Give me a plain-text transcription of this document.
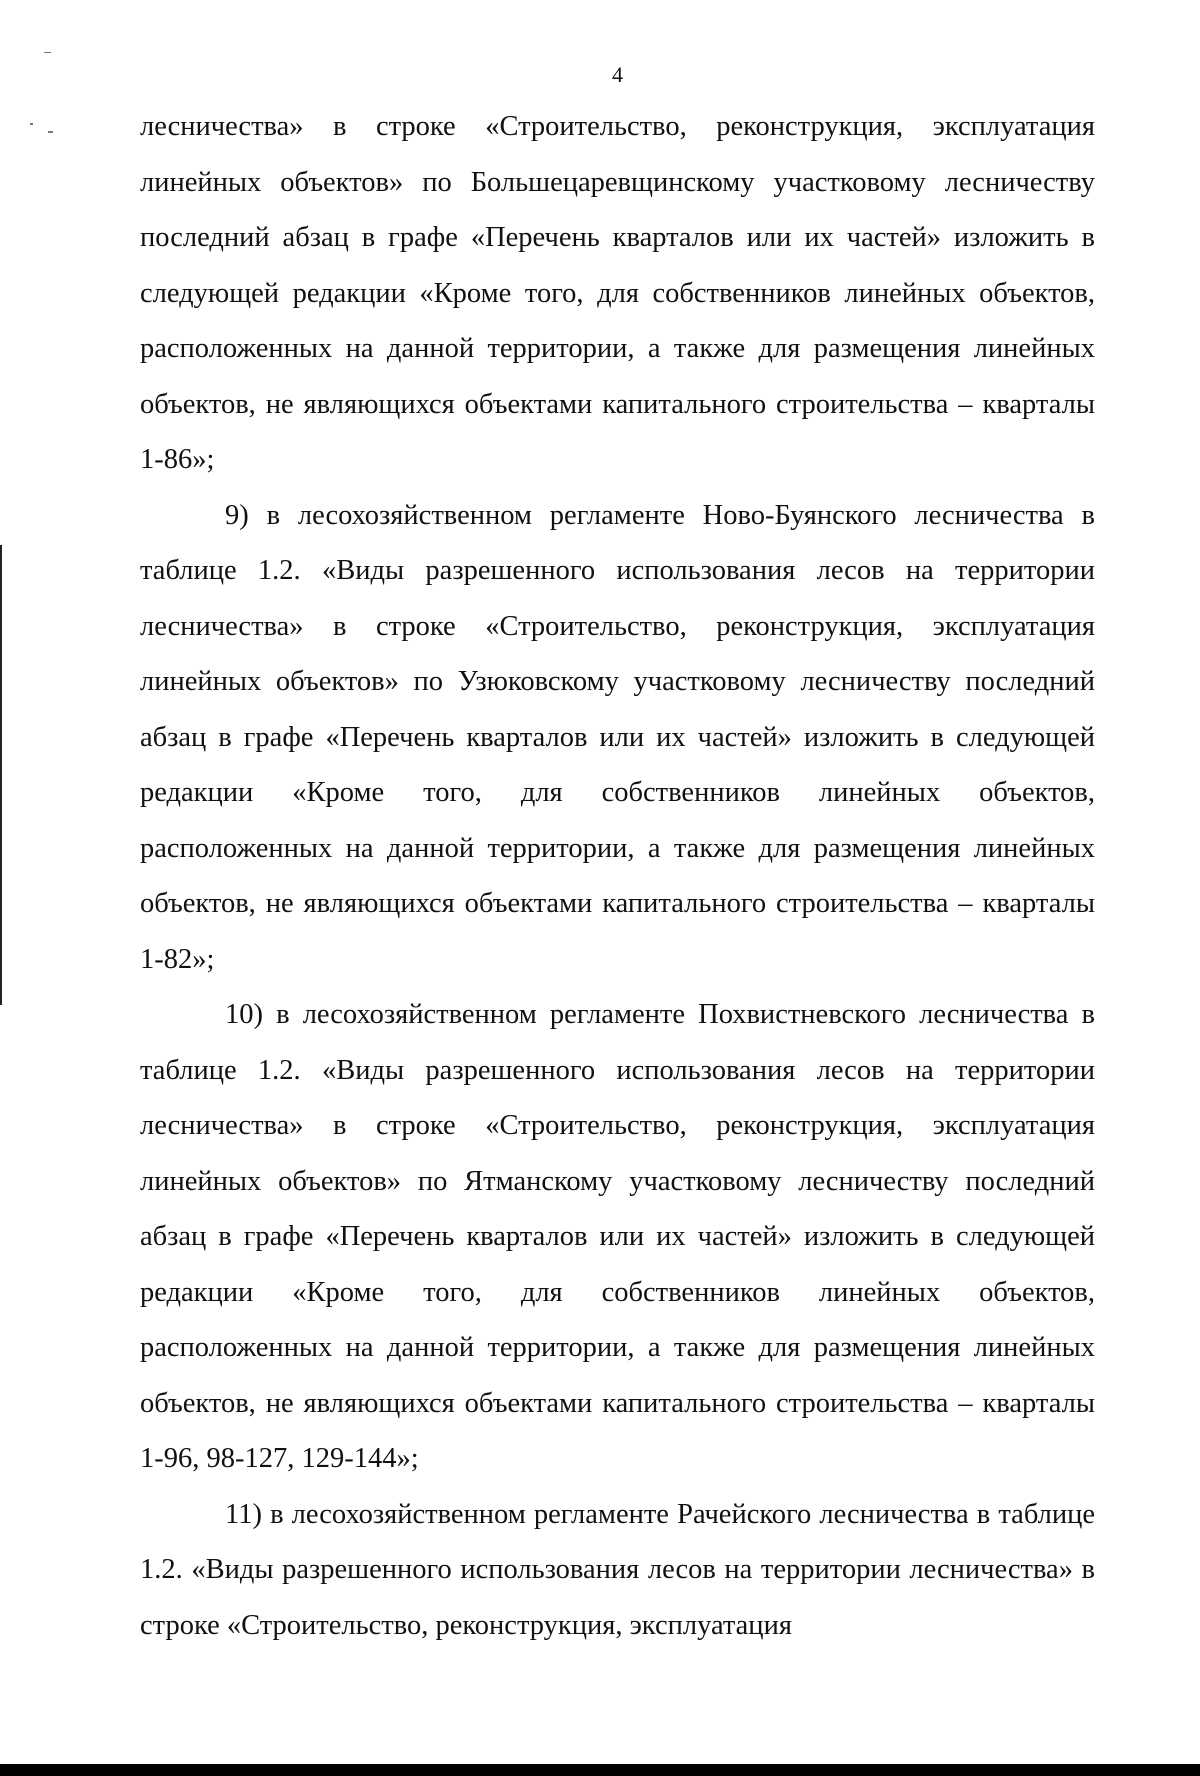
4

лесничества» в строке «Строительство, реконструкция, эксплуатация линейных объектов» по Большецаревщинскому участковому лесничеству последний абзац в графе «Перечень кварталов или их частей» изложить в следующей редакции «Кроме того, для собственников линейных объектов, расположенных на данной территории, а также для размещения линейных объектов, не являющихся объектами капитального строительства – кварталы 1-86»;

9) в лесохозяйственном регламенте Ново-Буянского лесничества в таблице 1.2. «Виды разрешенного использования лесов на территории лесничества» в строке «Строительство, реконструкция, эксплуатация линейных объектов» по Узюковскому участковому лесничеству последний абзац в графе «Перечень кварталов или их частей» изложить в следующей редакции «Кроме того, для собственников линейных объектов, расположенных на данной территории, а также для размещения линейных объектов, не являющихся объектами капитального строительства – кварталы 1-82»;

10) в лесохозяйственном регламенте Похвистневского лесничества в таблице 1.2. «Виды разрешенного использования лесов на территории лесничества» в строке «Строительство, реконструкция, эксплуатация линейных объектов» по Ятманскому участковому лесничеству последний абзац в графе «Перечень кварталов или их частей» изложить в следующей редакции «Кроме того, для собственников линейных объектов, расположенных на данной территории, а также для размещения линейных объектов, не являющихся объектами капитального строительства – кварталы 1-96, 98-127, 129-144»;

11) в лесохозяйственном регламенте Рачейского лесничества в таблице 1.2. «Виды разрешенного использования лесов на территории лесничества» в строке «Строительство, реконструкция, эксплуатация
